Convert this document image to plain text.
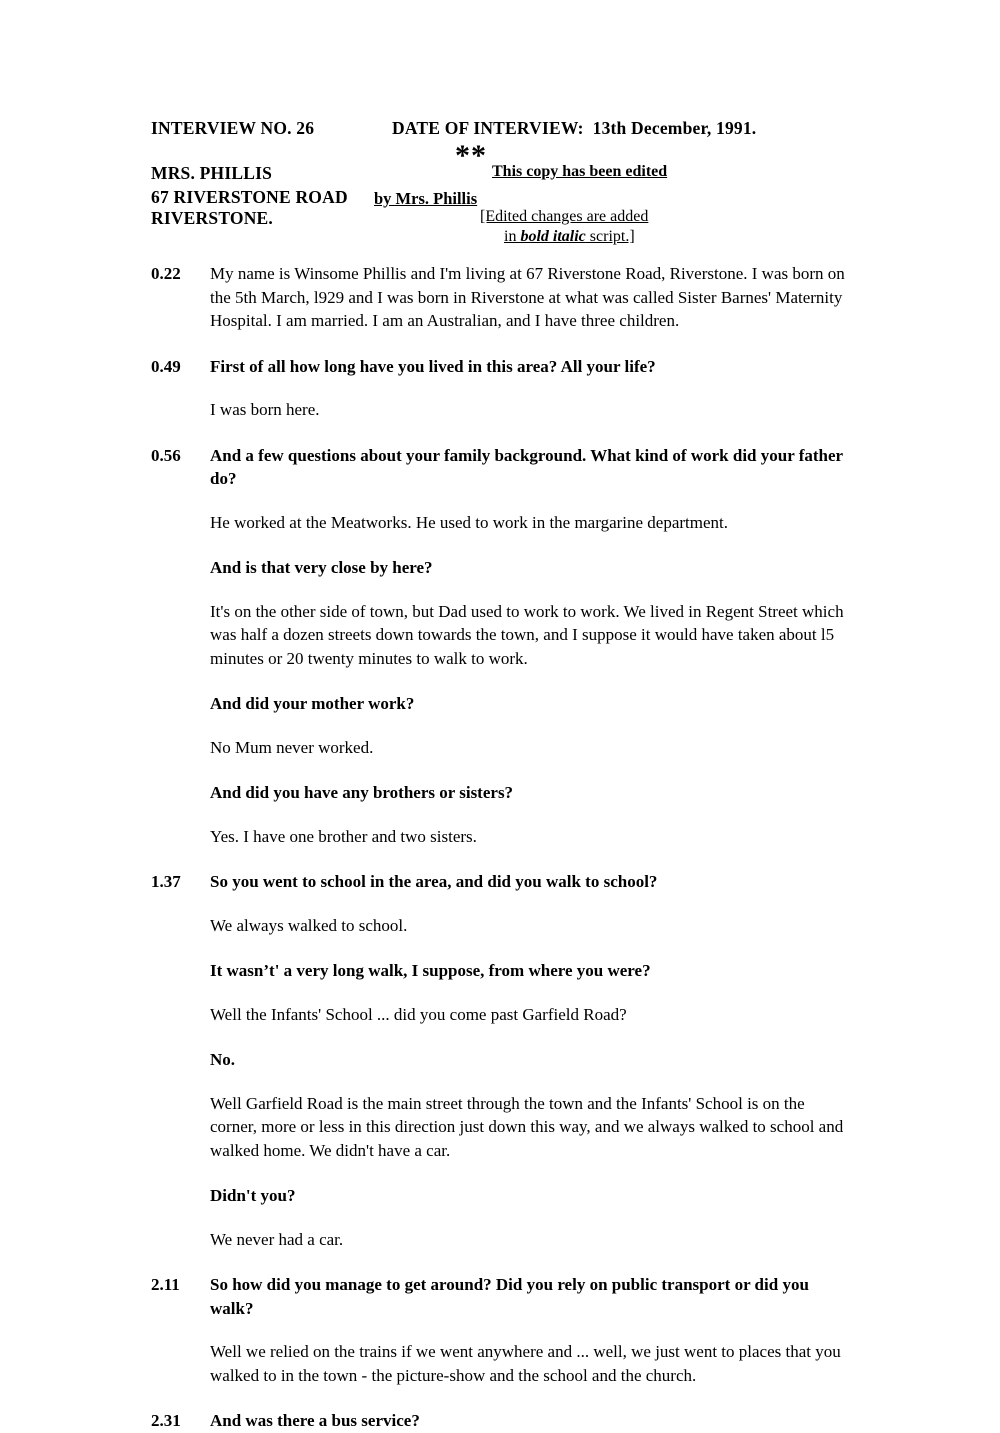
INTERVIEW NO. 26	DATE OF INTERVIEW: 13th December, 1991.
MRS. PHILLIS
67 RIVERSTONE ROAD
RIVERSTONE.
** This copy has been edited
by Mrs. Phillis
[Edited changes are added
in bold italic script.]
0.22	My name is Winsome Phillis and I'm living at 67 Riverstone Road, Riverstone. I was born on the 5th March, l929 and I was born in Riverstone at what was called Sister Barnes' Maternity Hospital. I am married. I am an Australian, and I have three children.
0.49	First of all how long have you lived in this area? All your life?
I was born here.
0.56	And a few questions about your family background. What kind of work did your father do?
He worked at the Meatworks. He used to work in the margarine department.
And is that very close by here?
It's on the other side of town, but Dad used to work to work. We lived in Regent Street which was half a dozen streets down towards the town, and I suppose it would have taken about l5 minutes or 20 twenty minutes to walk to work.
And did your mother work?
No Mum never worked.
And did you have any brothers or sisters?
Yes. I have one brother and two sisters.
1.37	So you went to school in the area, and did you walk to school?
We always walked to school.
It wasn’t' a very long walk, I suppose, from where you were?
Well the Infants' School ... did you come past Garfield Road?
No.
Well Garfield Road is the main street through the town and the Infants' School is on the corner, more or less in this direction just down this way, and we always walked to school and walked home. We didn't have a car.
Didn't you?
We never had a car.
2.11	So how did you manage to get around? Did you rely on public transport or did you walk?
Well we relied on the trains if we went anywhere and ... well, we just went to places that you walked to in the town - the picture-show and the school and the church.
2.31	And was there a bus service?
